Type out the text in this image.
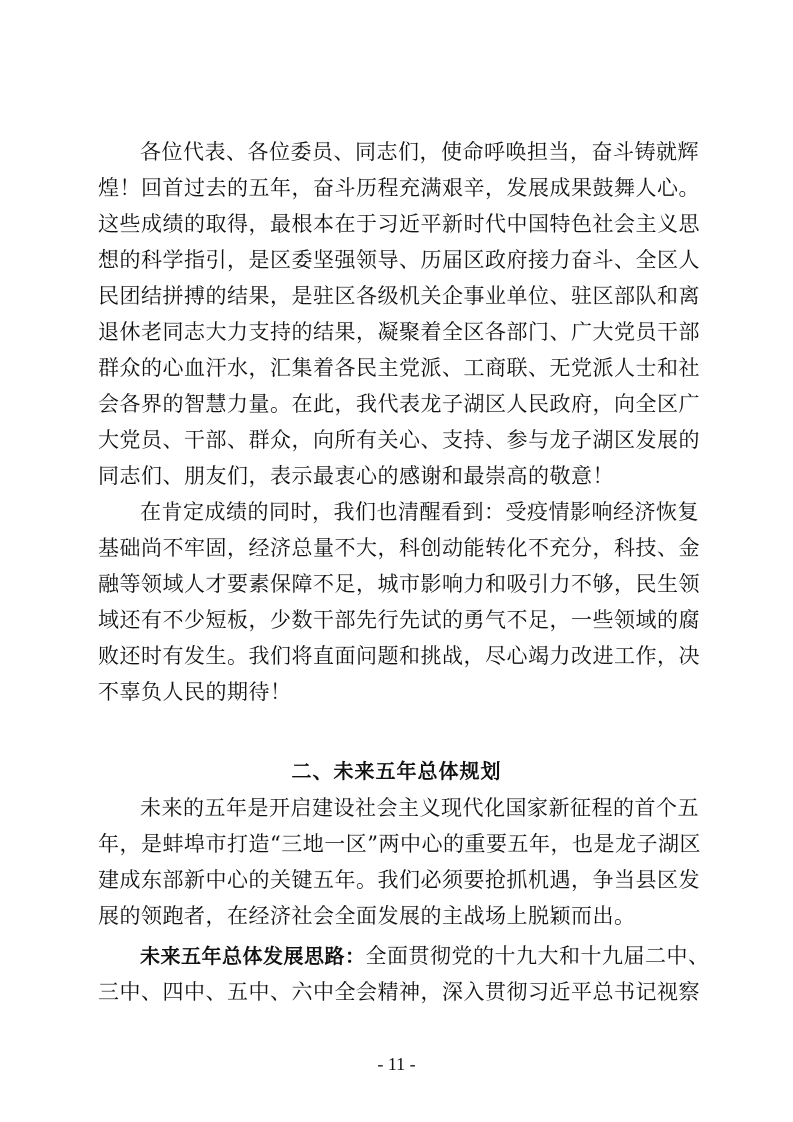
各位代表、各位委员、同志们，使命呼唤担当，奋斗铸就辉
煌！回首过去的五年，奋斗历程充满艰辛，发展成果鼓舞人心。
这些成绩的取得，最根本在于习近平新时代中国特色社会主义思
想的科学指引，是区委坚强领导、历届区政府接力奋斗、全区人
民团结拼搏的结果，是驻区各级机关企事业单位、驻区部队和离
退休老同志大力支持的结果，凝聚着全区各部门、广大党员干部
群众的心血汗水，汇集着各民主党派、工商联、无党派人士和社
会各界的智慧力量。在此，我代表龙子湖区人民政府，向全区广
大党员、干部、群众，向所有关心、支持、参与龙子湖区发展的
同志们、朋友们，表示最衷心的感谢和最崇高的敬意！
在肯定成绩的同时，我们也清醒看到：受疫情影响经济恢复
基础尚不牢固，经济总量不大，科创动能转化不充分，科技、金
融等领域人才要素保障不足，城市影响力和吸引力不够，民生领
域还有不少短板，少数干部先行先试的勇气不足，一些领域的腐
败还时有发生。我们将直面问题和挑战，尽心竭力改进工作，决
不辜负人民的期待！
二、未来五年总体规划
未来的五年是开启建设社会主义现代化国家新征程的首个五
年，是蚌埠市打造“三地一区”两中心的重要五年，也是龙子湖区
建成东部新中心的关键五年。我们必须要抢抓机遇，争当县区发
展的领跑者，在经济社会全面发展的主战场上脱颖而出。
未来五年总体发展思路：全面贯彻党的十九大和十九届二中、
三中、四中、五中、六中全会精神，深入贯彻习近平总书记视察
- 11 -
